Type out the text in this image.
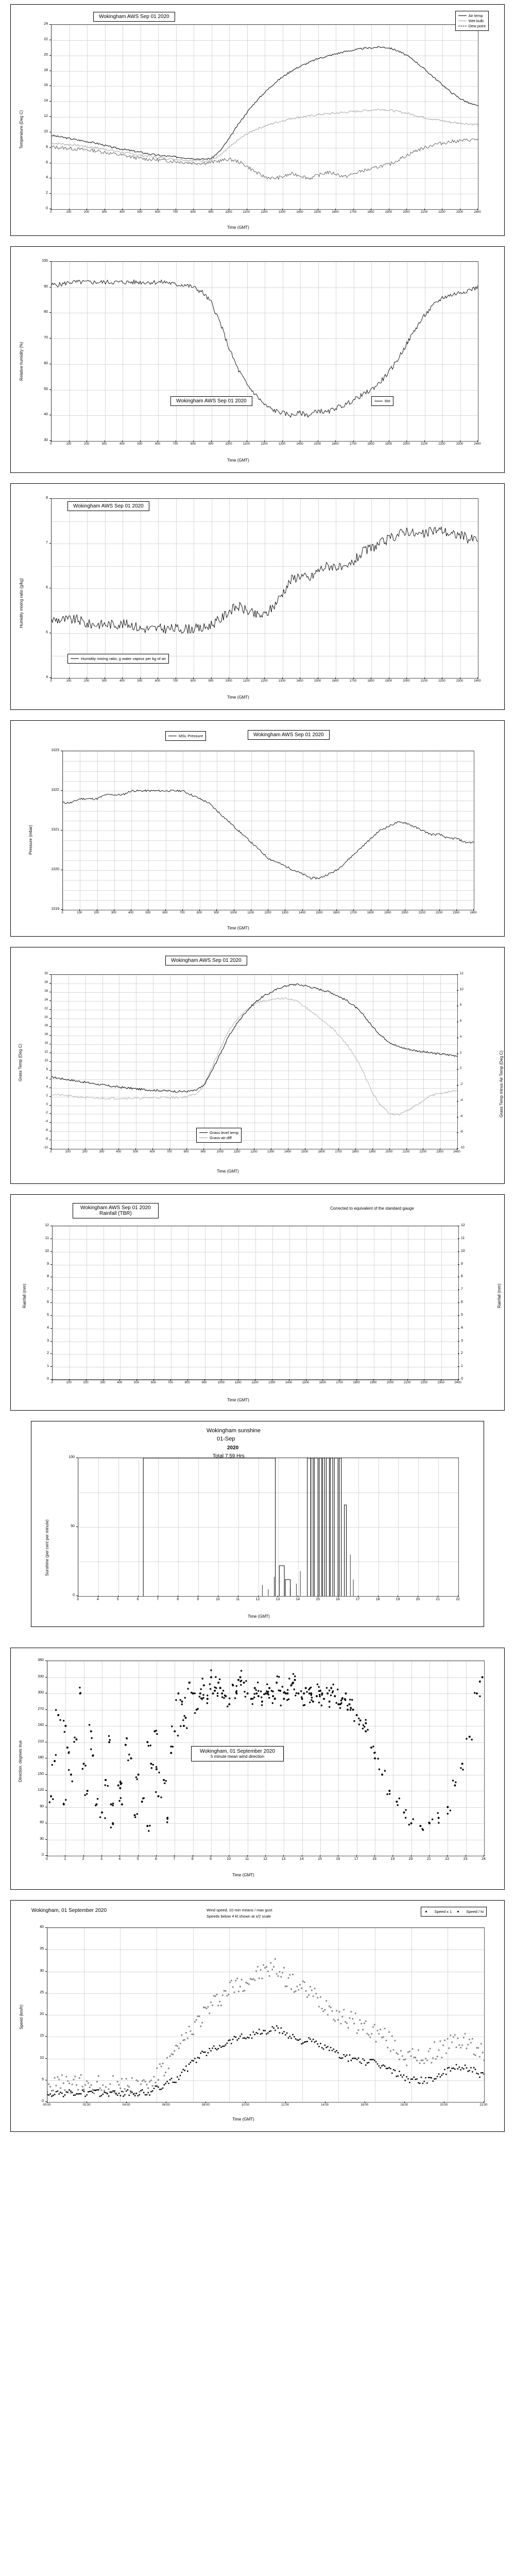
Wokingham AWS Sep 01 2020	Air temp
Wet bulb
Dew point
Temperature (Deg C)
Time (GMT)
0	100	200	300	400	500	600	700	800	900	1000	1100	1200	1300	1400	1500	1600	1700	1800	1900	2000	2100	2200	2300	2400
0
2
4
6
8
10
12
14
16
18
20
22
24
Wokingham AWS Sep 01 2020	RH
Relative humidity (%)
Time (GMT)
0	100	200	300	400	500	600	700	800	900	1000	1100	1200	1300	1400	1500	1600	1700	1800	1900	2000	2100	2200	2300	2400
30
40
50
60
70
80
90
100
Wokingham AWS Sep 01 2020
Humidity mixing ratio, g water vapour per kg of air
Humidity mixing ratio (g/kg)
Time (GMT)
0	100	200	300	400	500	600	700	800	900	1000	1100	1200	1300	1400	1500	1600	1700	1800	1900	2000	2100	2200	2300	2400
4
5
6
7
8
Wokingham AWS Sep 01 2020
MSL Pressure
Pressure (mbar)
Time (GMT)
0	100	200	300	400	500	600	700	800	900	1000	1100	1200	1300	1400	1500	1600	1700	1800	1900	2000	2100	2200	2300	2400
1019
1020
1021
1022
1023
Wokingham AWS Sep 01 2020
Grass level temp
Grass-air diff
Grass Temp (Deg C)	Grass Temp minus Air Temp (Deg C)
Time (GMT)
0	100	200	300	400	500	600	700	800	900	1000	1100	1200	1300	1400	1500	1600	1700	1800	1900	2000	2100	2200	2300	2400
-10
-8
-6
-4
-2
0
2
4
6
8
10
12
14
16
18
20
22
24
26
28
30
-10
-8
-6
-4
-2
0
2
4
6
8
10
12
Wokingham AWS Sep 01 2020
Rainfall (TBR)
Corrected to equivalent of the standard gauge
Rainfall (mm)	Rainfall (mm)
Time (GMT)
0	100	200	300	400	500	600	700	800	900	1000	1100	1200	1300	1400	1500	1600	1700	1800	1900	2000	2100	2200	2300	2400
0
1
2
3
4
5
6
7
8
9
10
11
12
0
1
2
3
4
5
6
7
8
9
10
11
12
Wokingham sunshine
01-Sep
2020
Total 7.59 Hrs
Sunshine (per cent per minute)
Time (GMT)
3	4	5	6	7	8	9	10	11	12	13	14	15	16	17	18	19	20	21	22
0
50
100
Wokingham, 01 September 2020
5 minute mean wind direction
Direction, degrees true
Time (GMT)
0	1	2	3	4	5	6	7	8	9	10	11	12	13	14	15	16	17	18	19	20	21	22	23	24
0
30
60
90
120
150
180
210
240
270
300
330
360
Wokingham, 01 September 2020	Wind speed, 10 min means / max gust
Speeds below 4 kt shown at x/2 scale
Speed x 1	Speed / hi
Speed (km/h)
Time (GMT)
00:00	02:00	04:00	06:00	08:00	10:00	12:00	14:00	16:00	18:00	20:00	22:00
0
5
10
15
20
25
30
35
40
